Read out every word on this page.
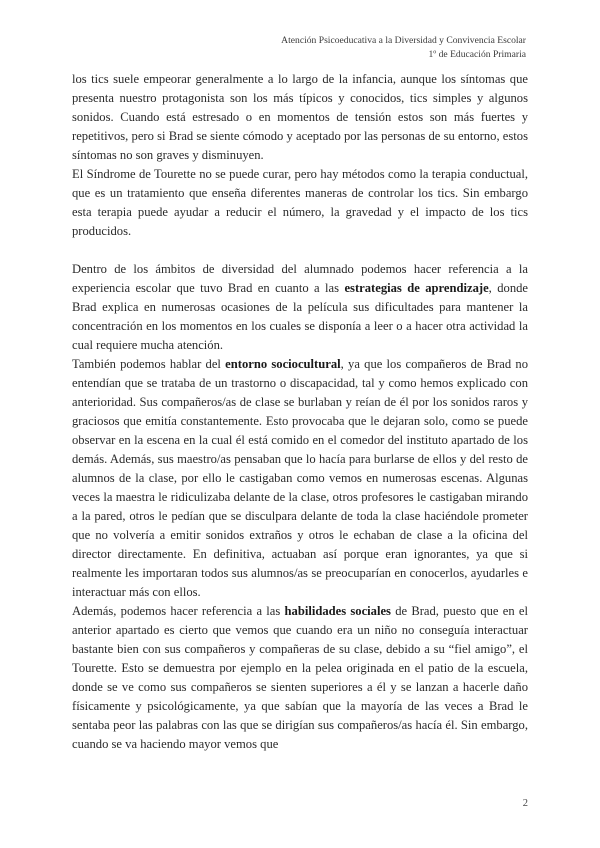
Atención Psicoeducativa a la Diversidad y Convivencia Escolar
1º de Educación Primaria

los tics suele empeorar generalmente a lo largo de la infancia, aunque los síntomas que presenta nuestro protagonista son los más típicos y conocidos, tics simples y algunos sonidos. Cuando está estresado o en momentos de tensión estos son más fuertes y repetitivos, pero si Brad se siente cómodo y aceptado por las personas de su entorno, estos síntomas no son graves y disminuyen.

El Síndrome de Tourette no se puede curar, pero hay métodos como la terapia conductual, que es un tratamiento que enseña diferentes maneras de controlar los tics. Sin embargo esta terapia puede ayudar a reducir el número, la gravedad y el impacto de los tics producidos.

Dentro de los ámbitos de diversidad del alumnado podemos hacer referencia a la experiencia escolar que tuvo Brad en cuanto a las estrategias de aprendizaje, donde Brad explica en numerosas ocasiones de la película sus dificultades para mantener la concentración en los momentos en los cuales se disponía a leer o a hacer otra actividad la cual requiere mucha atención.

También podemos hablar del entorno sociocultural, ya que los compañeros de Brad no entendían que se trataba de un trastorno o discapacidad, tal y como hemos explicado con anterioridad. Sus compañeros/as de clase se burlaban y reían de él por los sonidos raros y graciosos que emitía constantemente. Esto provocaba que le dejaran solo, como se puede observar en la escena en la cual él está comido en el comedor del instituto apartado de los demás. Además, sus maestro/as pensaban que lo hacía para burlarse de ellos y del resto de alumnos de la clase, por ello le castigaban como vemos en numerosas escenas. Algunas veces la maestra le ridiculizaba delante de la clase, otros profesores le castigaban mirando a la pared, otros le pedían que se disculpara delante de toda la clase haciéndole prometer que no volvería a emitir sonidos extraños y otros le echaban de clase a la oficina del director directamente. En definitiva, actuaban así porque eran ignorantes, ya que si realmente les importaran todos sus alumnos/as se preocuparían en conocerlos, ayudarles e interactuar más con ellos.

Además, podemos hacer referencia a las habilidades sociales de Brad, puesto que en el anterior apartado es cierto que vemos que cuando era un niño no conseguía interactuar bastante bien con sus compañeros y compañeras de su clase, debido a su “fiel amigo”, el Tourette. Esto se demuestra por ejemplo en la pelea originada en el patio de la escuela, donde se ve como sus compañeros se sienten superiores a él y se lanzan a hacerle daño físicamente y psicológicamente, ya que sabían que la mayoría de las veces a Brad le sentaba peor las palabras con las que se dirigían sus compañeros/as hacía él. Sin embargo, cuando se va haciendo mayor vemos que

2
